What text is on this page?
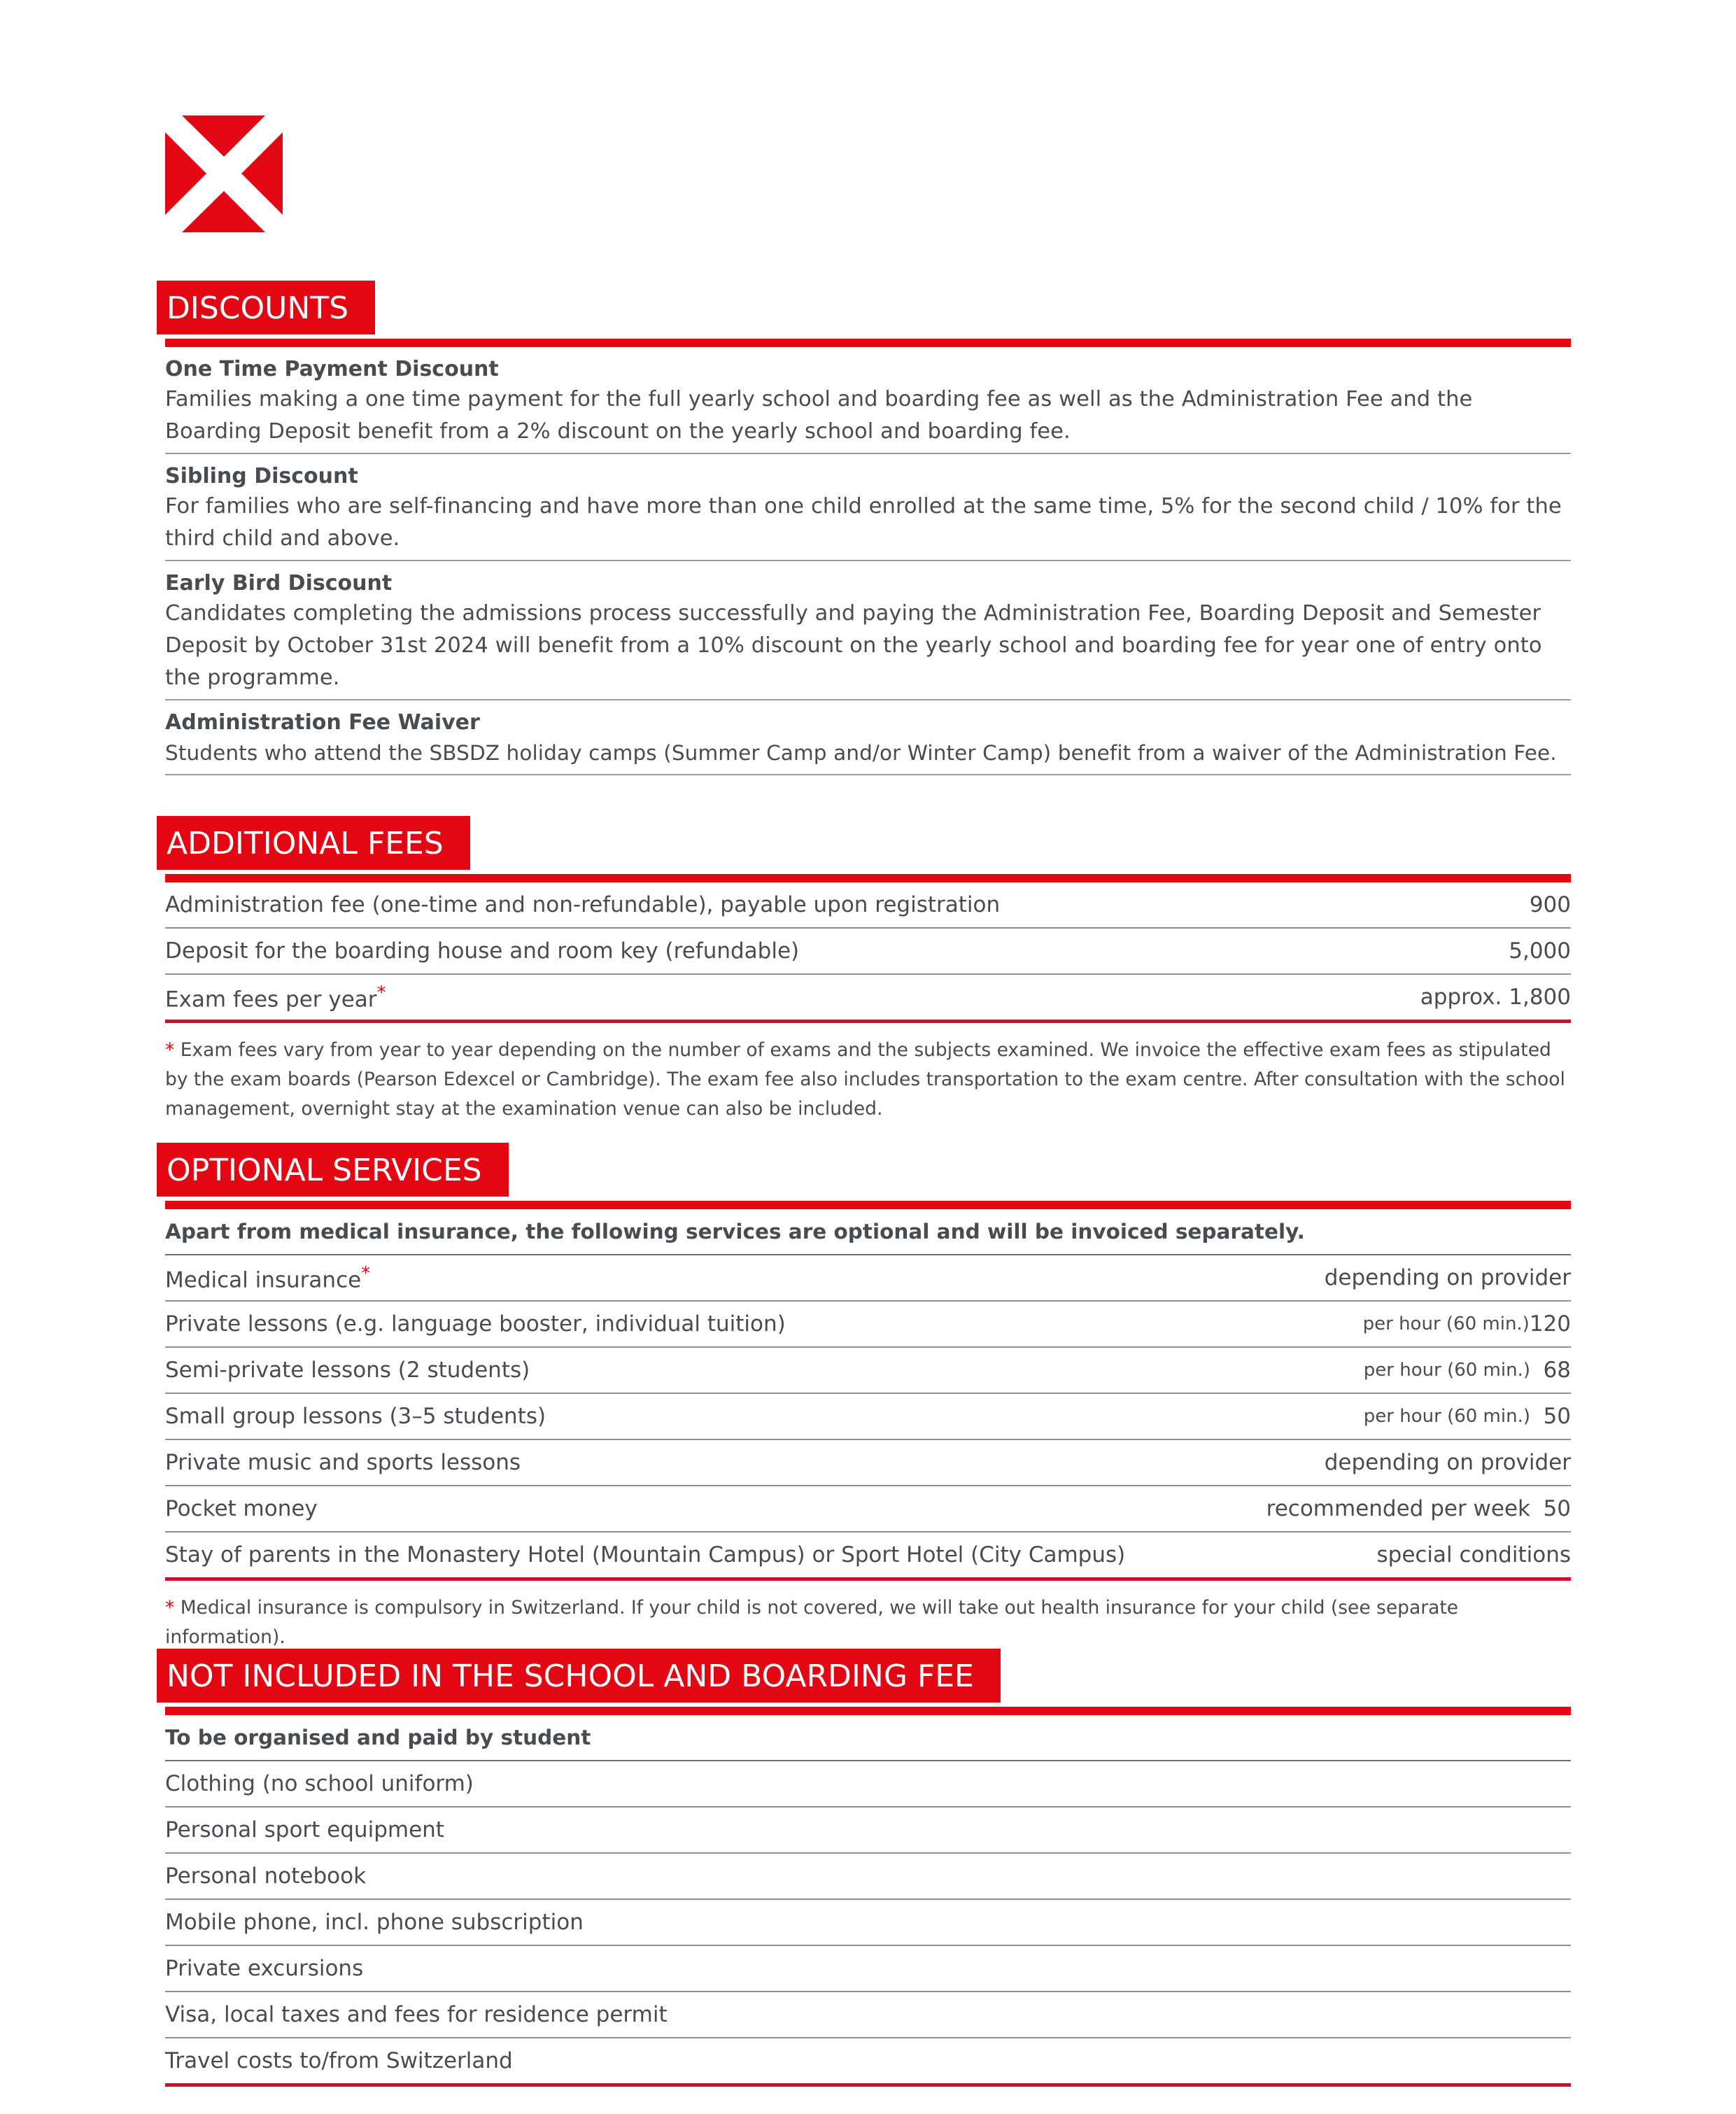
DISCOUNTS
One Time Payment Discount
Families making a one time payment for the full yearly school and boarding fee as well as the Administration Fee and the Boarding Deposit benefit from a 2% discount on the yearly school and boarding fee.
Sibling Discount
For families who are self-financing and have more than one child enrolled at the same time, 5% for the second child / 10% for the third child and above.
Early Bird Discount
Candidates completing the admissions process successfully and paying the Administration Fee, Boarding Deposit and Semester Deposit by October 31st 2024 will benefit from a 10% discount on the yearly school and boarding fee for year one of entry onto the programme.
Administration Fee Waiver
Students who attend the SBSDZ holiday camps (Summer Camp and/or Winter Camp) benefit from a waiver of the Administration Fee.
ADDITIONAL FEES
Administration fee (one-time and non-refundable), payable upon registration	900
Deposit for the boarding house and room key (refundable)	5,000
Exam fees per year*	approx. 1,800
* Exam fees vary from year to year depending on the number of exams and the subjects examined. We invoice the effective exam fees as stipulated by the exam boards (Pearson Edexcel or Cambridge). The exam fee also includes transportation to the exam centre. After consultation with the school management, overnight stay at the examination venue can also be included.
OPTIONAL SERVICES
Apart from medical insurance, the following services are optional and will be invoiced separately.
Medical insurance*	depending on provider
Private lessons (e.g. language booster, individual tuition)	per hour (60 min.) 120
Semi-private lessons (2 students)	per hour (60 min.) 68
Small group lessons (3–5 students)	per hour (60 min.) 50
Private music and sports lessons	depending on provider
Pocket money	recommended per week 50
Stay of parents in the Monastery Hotel (Mountain Campus) or Sport Hotel (City Campus)	special conditions
* Medical insurance is compulsory in Switzerland. If your child is not covered, we will take out health insurance for your child (see separate information).
NOT INCLUDED IN THE SCHOOL AND BOARDING FEE
To be organised and paid by student
Clothing (no school uniform)
Personal sport equipment
Personal notebook
Mobile phone, incl. phone subscription
Private excursions
Visa, local taxes and fees for residence permit
Travel costs to/from Switzerland
